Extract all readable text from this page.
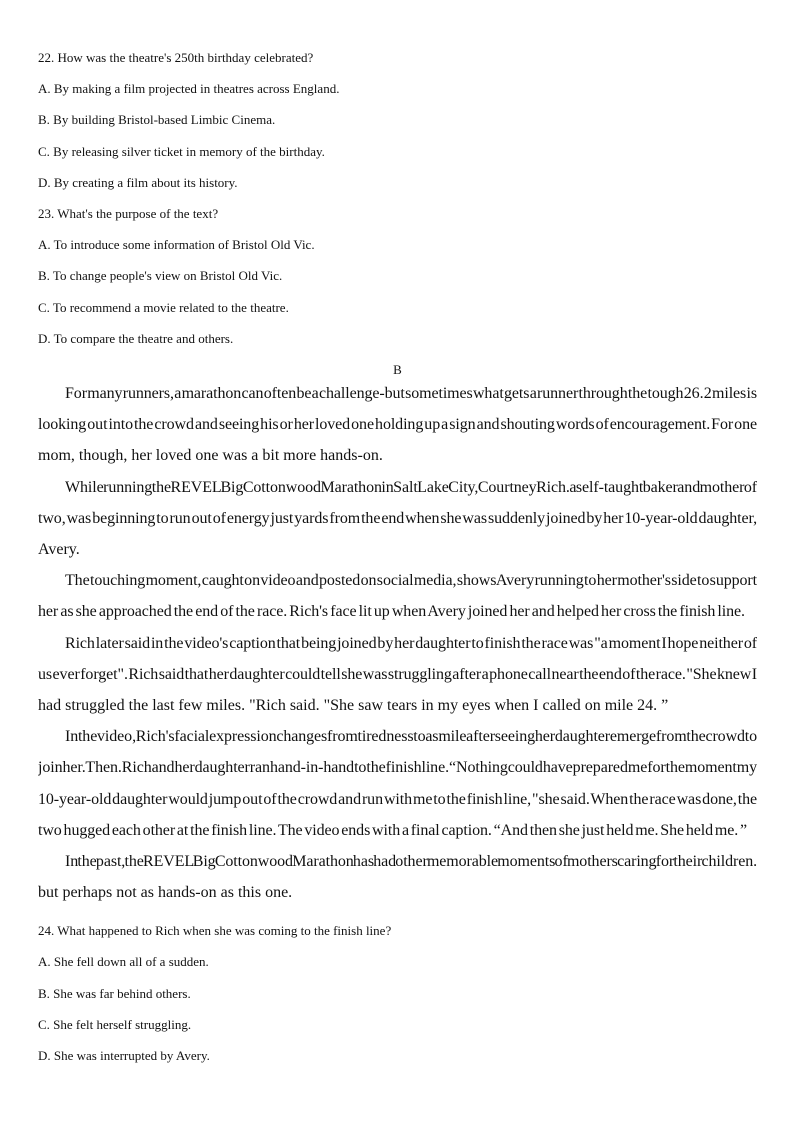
22. How was the theatre's 250th birthday celebrated?
A. By making a film projected in theatres across England.
B. By building Bristol-based Limbic Cinema.
C. By releasing silver ticket in memory of the birthday.
D. By creating a film about its history.
23. What's the purpose of the text?
A. To introduce some information of Bristol Old Vic.
B. To change people's view on Bristol Old Vic.
C. To recommend a movie related to the theatre.
D. To compare the theatre and others.
B
For many runners, a marathon can often be a challenge-but sometimes what gets a runner through the tough 26. 2 miles is
looking out into the crowd and seeing his or her loved one holding up a sign and shouting words of encouragement. For one
mom, though, her loved one was a bit more hands-on.
While running the REVEL Big Cottonwood Marathon in Salt Lake City, Courtney Rich. a self-taught baker and mother of
two, was beginning to run out of energy just yards from the end when she was suddenly joined by her 10-year-old daughter,
Avery.
The touching moment, caught on video and posted on social media, shows Avery running to her mother's side to support
her as she approached the end of the race. Rich's face lit up when Avery joined her and helped her cross the finish line.
Rich later said in the video's caption that being joined by her daughter to finish the race was "a moment I hope neither of
us ever forget". Rich said that her daughter could tell she was struggling after a phone call near the end of the race. "She knew I
had struggled the last few miles. "Rich said. "She saw tears in my eyes when I called on mile 24. ”
In the video, Rich's facial expression changes from tiredness to a smile after seeing her daughter emerge from the crowd to
join her. Then. Rich and her daughter ran hand-in-hand to the finish line. “Nothing could have prepared me for the moment my
10-year-old daughter would jump out of the crowd and run with me to the finish line, "she said. When the race was done, the
two hugged each other at the finish line. The video ends with a final caption. “And then she just held me. She held me. ”
In the past, the REVEL Big Cottonwood Marathon has had other memorable moments of mothers caring for their children.
but perhaps not as hands-on as this one.
24. What happened to Rich when she was coming to the finish line?
A. She fell down all of a sudden.
B. She was far behind others.
C. She felt herself struggling.
D. She was interrupted by Avery.
